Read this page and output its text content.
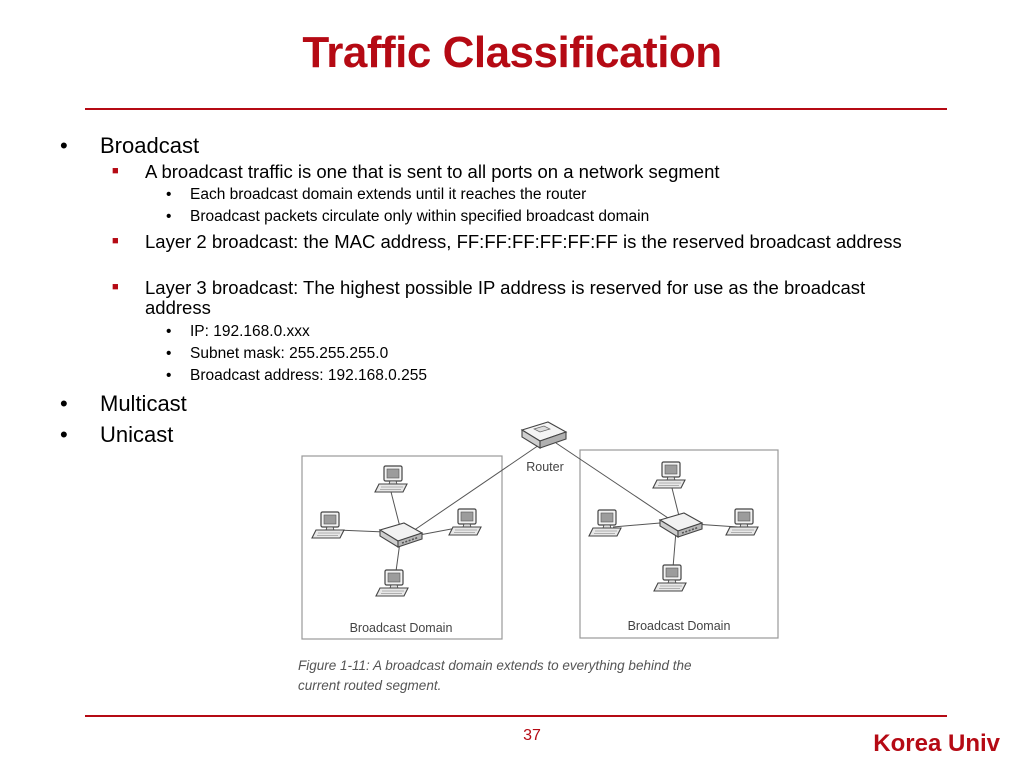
Traffic Classification
• Broadcast
■ A broadcast traffic is one that is sent to all ports on a network segment
• Each broadcast domain extends until it reaches the router
• Broadcast packets circulate only within specified broadcast domain
■ Layer 2 broadcast: the MAC address, FF:FF:FF:FF:FF:FF is the reserved broadcast address
■ Layer 3 broadcast: The highest possible IP address is reserved for use as the broadcast address
• IP: 192.168.0.xxx
• Subnet mask: 255.255.255.0
• Broadcast address: 192.168.0.255
• Multicast
• Unicast
Router
Broadcast Domain	Broadcast Domain
Figure 1-11: A broadcast domain extends to everything behind the
current routed segment.
37	Korea Univ
